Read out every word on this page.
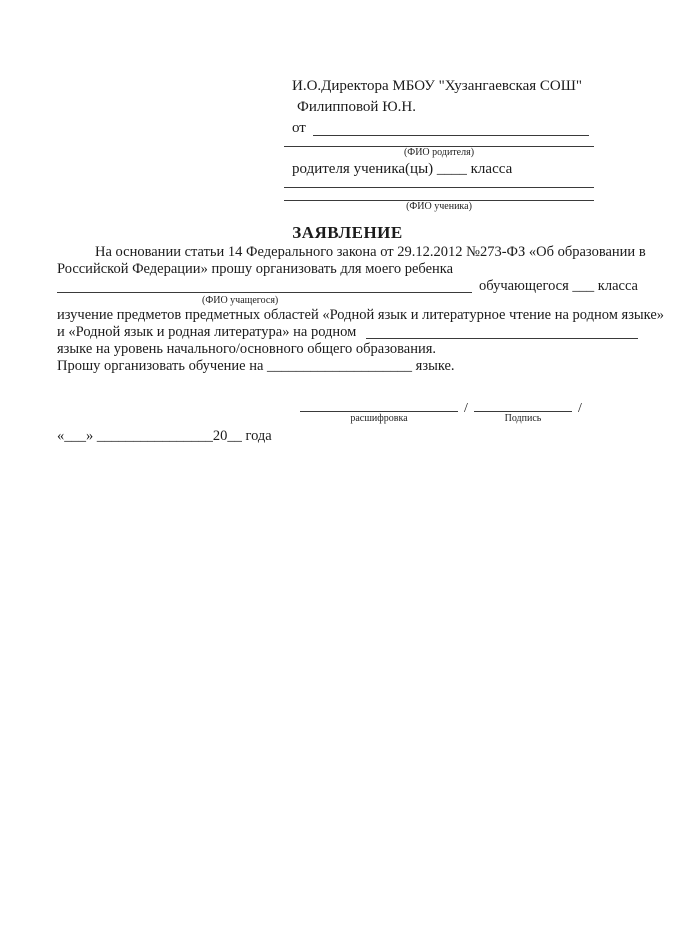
И.О.Директора МБОУ "Хузангаевская СОШ"
Филипповой Ю.Н.
от
(ФИО родителя)
родителя ученика(цы) ____ класса
(ФИО ученика)
ЗАЯВЛЕНИЕ
На основании статьи 14 Федерального закона от 29.12.2012 №273-ФЗ «Об образовании в
Российской Федерации» прошу организовать для моего ребенка
обучающегося ___ класса
(ФИО учащегося)
изучение предметов предметных областей «Родной язык и литературное чтение на родном языке»
и «Родной язык и родная литература» на родном
языке на уровень начального/основного общего образования.
Прошу организовать обучение на ____________________ языке.
расшифровка
/
Подпись
/
«___» ________________20__ года
